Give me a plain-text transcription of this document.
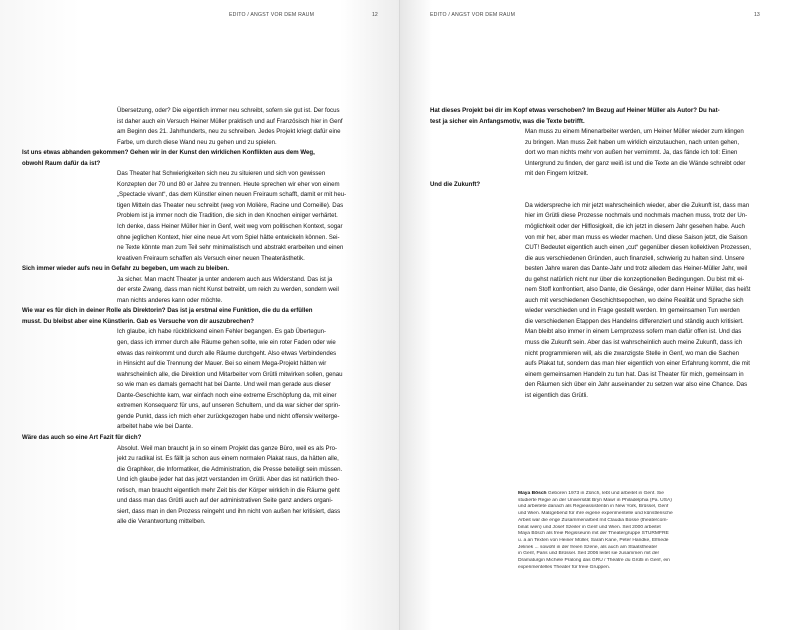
EDITO / ANGST VOR DEM RAUM	12
Übersetzung, oder? Die eigentlich immer neu schreibt, sofern sie gut ist. Der focus
ist daher auch ein Versuch Heiner Müller praktisch und auf Französisch hier in Genf
am Beginn des 21. Jahrhunderts, neu zu schreiben. Jedes Projekt kriegt dafür eine
Farbe, um durch diese Wand neu zu gehen und zu spielen.
Ist uns etwas abhanden gekommen? Gehen wir in der Kunst den wirklichen Konflikten aus dem Weg,
obwohl Raum dafür da ist?
Das Theater hat Schwierigkeiten sich neu zu situieren und sich von gewissen
Konzepten der 70 und 80 er Jahre zu trennen. Heute sprechen wir eher von einem
„Spectacle vivant“, das dem Künstler einen neuen Freiraum schafft, damit er mit heu-
tigen Mitteln das Theater neu schreibt (weg von Molière, Racine und Corneille). Das
Problem ist ja immer noch die Tradition, die sich in den Knochen einiger verhärtet.
Ich denke, dass Heiner Müller hier in Genf, weit weg vom politischen Kontext, sogar
ohne jeglichen Kontext, hier eine neue Art vom Spiel hätte entwickeln können. Sei-
ne Texte könnte man zum Teil sehr minimalistisch und abstrakt erarbeiten und einen
kreativen Freiraum schaffen als Versuch einer neuen Theaterästhetik.
Sich immer wieder aufs neu in Gefahr zu begeben, um wach zu bleiben.
Ja sicher. Man macht Theater ja unter anderem auch aus Widerstand. Das ist ja
der erste Zwang, dass man nicht Kunst betreibt, um reich zu werden, sondern weil
man nichts anderes kann oder möchte.
Wie war es für dich in deiner Rolle als Direktorin? Das ist ja erstmal eine Funktion, die du da erfüllen
musst. Du bleibst aber eine Künstlerin. Gab es Versuche von dir auszubrechen?
Ich glaube, ich habe rückblickend einen Fehler begangen. Es gab Übertegun-
gen, dass ich immer durch alle Räume gehen sollte, wie ein roter Faden oder wie
etwas das reinkommt und durch alle Räume durchgeht. Also etwas Verbindendes
in Hinsicht auf die Trennung der Mauer. Bei so einem Mega-Projekt hätten wir
wahrscheinlich alle, die Direktion und Mitarbeiter vom Grütli mitwirken sollen, genau
so wie man es damals gemacht hat bei Dante. Und weil man gerade aus dieser
Dante-Geschichte kam, war einfach noch eine extreme Erschöpfung da, mit einer
extremen Konsequenz für uns, auf unseren Schultern, und da war sicher der sprin-
gende Punkt, dass ich mich eher zurückgezogen habe und nicht offensiv weiterge-
arbeitet habe wie bei Dante.
Wäre das auch so eine Art Fazit für dich?
Absolut. Weil man braucht ja in so einem Projekt das ganze Büro, weil es als Pro-
jekt zu radikal ist. Es fällt ja schon aus einem normalen Plakat raus, da hätten alle,
die Graphiker, die Informatiker, die Administration, die Presse beteiligt sein müssen.
Und ich glaube jeder hat das jetzt verstanden im Grütli. Aber das ist natürlich theo-
retisch, man braucht eigentlich mehr Zeit bis der Körper wirklich in die Räume geht
und dass man das Grütli auch auf der administrativen Seite ganz anders organi-
siert, dass man in den Prozess reingeht und ihn nicht von außen her kritisiert, dass
alle die Verantwortung mittelben.
EDITO / ANGST VOR DEM RAUM	13
Hat dieses Projekt bei dir im Kopf etwas verschoben? Im Bezug auf Heiner Müller als Autor? Du hat-
test ja sicher ein Anfangsmotiv, was die Texte betrifft.
Man muss zu einem Minenarbeiter werden, um Heiner Müller wieder zum klingen
zu bringen. Man muss Zeit haben um wirklich einzutauchen, nach unten gehen,
dort wo man nichts mehr von außen her vernimmt. Ja, das fände ich toll: Einen
Untergrund zu finden, der ganz weiß ist und die Texte an die Wände schreibt oder
mit den Fingern kritzelt.
Und die Zukunft?
Da widerspreche ich mir jetzt wahrscheinlich wieder, aber die Zukunft ist, dass man
hier im Grütli diese Prozesse nochmals und nochmals machen muss, trotz der Un-
möglichkeit oder der Hilflosigkeit, die ich jetzt in diesem Jahr gesehen habe. Auch
von mir her, aber man muss es wieder machen. Und diese Saison jetzt, die Saison
CUT! Bedeutet eigentlich auch einen „cut“ gegenüber diesen kollektiven Prozessen,
die aus verschiedenen Gründen, auch finanziell, schwierig zu halten sind. Unsere
besten Jahre waren das Dante-Jahr und trotz alledem das Heiner-Müller Jahr, weil
du gehst natürlich nicht nur über die konzeptionellen Bedingungen. Du bist mit ei-
nem Stoff konfrontiert, also Dante, die Gesänge, oder dann Heiner Müller, das heißt
auch mit verschiedenen Geschichtsepochen, wo deine Realität und Sprache sich
wieder verschieden und in Frage gestellt werden. Im gemeinsamen Tun werden
die verschiedenen Etappen des Handelns differenziert und ständig auch kritisiert.
Man bleibt also immer in einem Lernprozess sofern man dafür offen ist. Und das
muss die Zukunft sein. Aber das ist wahrscheinlich auch meine Zukunft, dass ich
nicht programmieren will, als die zwanzigste Stelle in Genf, wo man die Sachen
aufs Plakat tut, sondern das man hier eigentlich von einer Erfahrung kommt, die mit
einem gemeinsamen Handeln zu tun hat. Das ist Theater für mich, gemeinsam in
den Räumen sich über ein Jahr auseinander zu setzen war also eine Chance. Das
ist eigentlich das Grütli.
Maya Bösch Geboren 1973 in Zürich, lebt und arbeitet in Genf. Sie
studierte Regie an der Universität Bryn Mawr in Philadelphia (Pa. USA)
und arbeitete danach als Regieassistentin in New York, Brüssel, Genf
und Wien. Maßgebend für ihre eigene experimentelle und künstlerische
Arbeit war die enge Zusammenarbeit mit Claudia Bosse (theatercom-
binat wien) und Josef Szeiler in Genf und Wien. Seit 2000 arbeitet
Maya Bösch als freie Regisseurin mit der Theatergruppe STURMFRE
u. a an Texten von Heiner Müller, Sarah Kane, Peter Handke, Elfriede
Jelinek ... sowohl in der freien Szene, als auch am Staatstheater
in Genf, Paris und Brüssel. Seit 2006 leitet sie zusammen mit der
Dramaturgin Michèle Pralong das GRÜ / Théâtre du Grütli in Genf, ein
experimentelles Theater für freie Gruppen.
